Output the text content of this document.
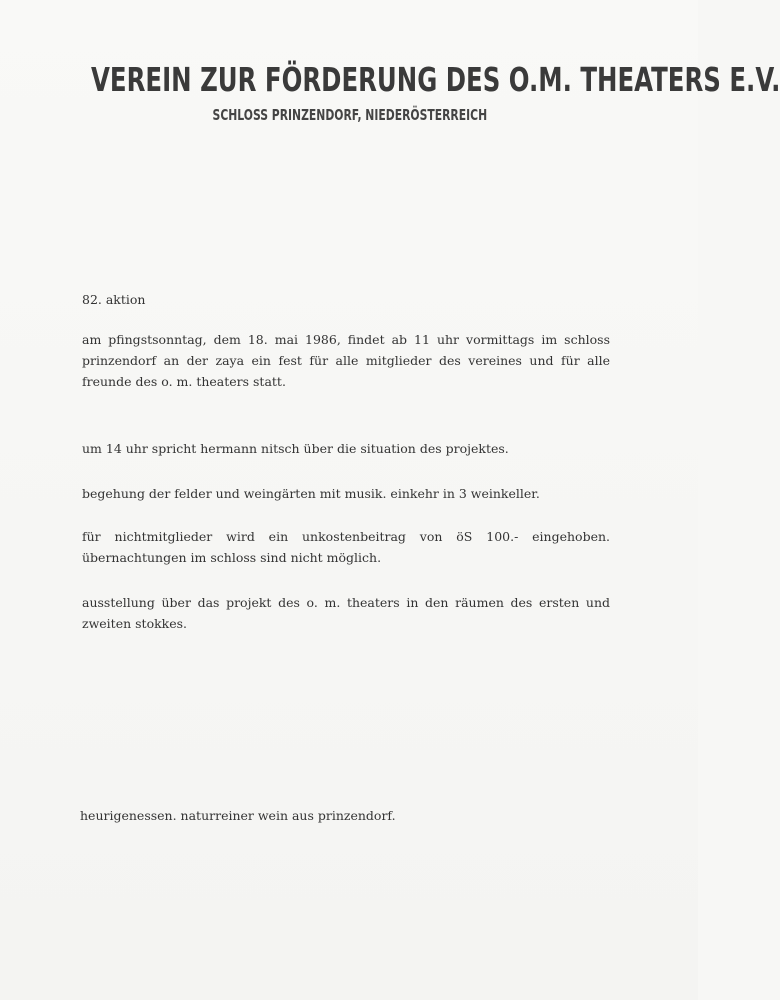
VEREIN ZUR FÖRDERUNG DES O.M. THEATERS E.V.
SCHLOSS PRINZENDORF, NIEDERÖSTERREICH

82. aktion

am pfingstsonntag, dem 18. mai 1986, findet ab 11 uhr vormittags im schloss prinzendorf an der zaya ein fest für alle mitglieder des vereines und für alle freunde des o. m. theaters statt.

um 14 uhr spricht hermann nitsch über die situation des projektes.

begehung der felder und weingärten mit musik. einkehr in 3 weinkeller.

für nichtmitglieder wird ein unkostenbeitrag von öS 100.- eingehoben. übernachtungen im schloss sind nicht möglich.

ausstellung über das projekt des o. m. theaters in den räumen des ersten und zweiten stokkes.

heurigenessen. naturreiner wein aus prinzendorf.
